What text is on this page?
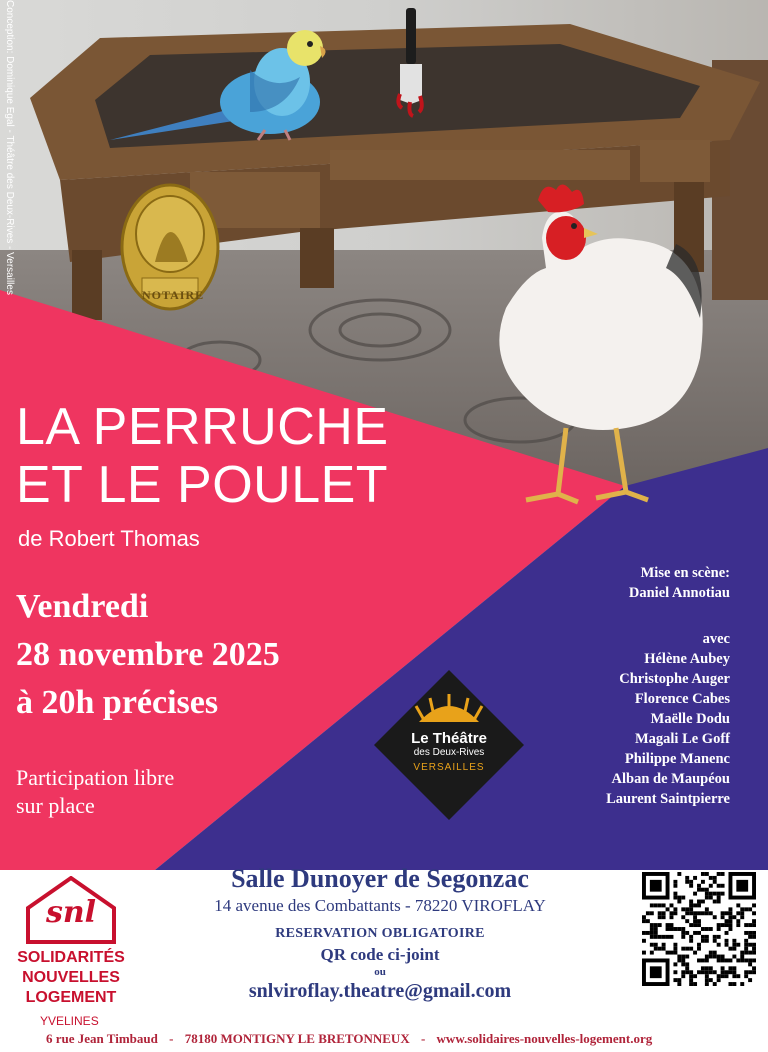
NOTAIRE
Conception: Dominique Egal - Théâtre des Deux-Rives - Versailles
LA PERRUCHE
ET LE POULET
de Robert Thomas
Vendredi
28 novembre 2025
à 20h précises
Participation libre
sur place
Mise en scène:
Daniel Annotiau
avec
Hélène Aubey
Christophe Auger
Florence Cabes
Maëlle Dodu
Magali Le Goff
Philippe Manenc
Alban de Maupéou
Laurent Saintpierre
Le Théâtre
des Deux-Rives
VERSAILLES
snl
SOLIDARITÉS
NOUVELLES
LOGEMENT
YVELINES
Salle Dunoyer de Segonzac
14 avenue des Combattants - 78220 VIROFLAY
RESERVATION OBLIGATOIRE
QR code ci-joint
ou
snlviroflay.theatre@gmail.com
6 rue Jean Timbaud - 78180 MONTIGNY LE BRETONNEUX - www.solidaires-nouvelles-logement.org
